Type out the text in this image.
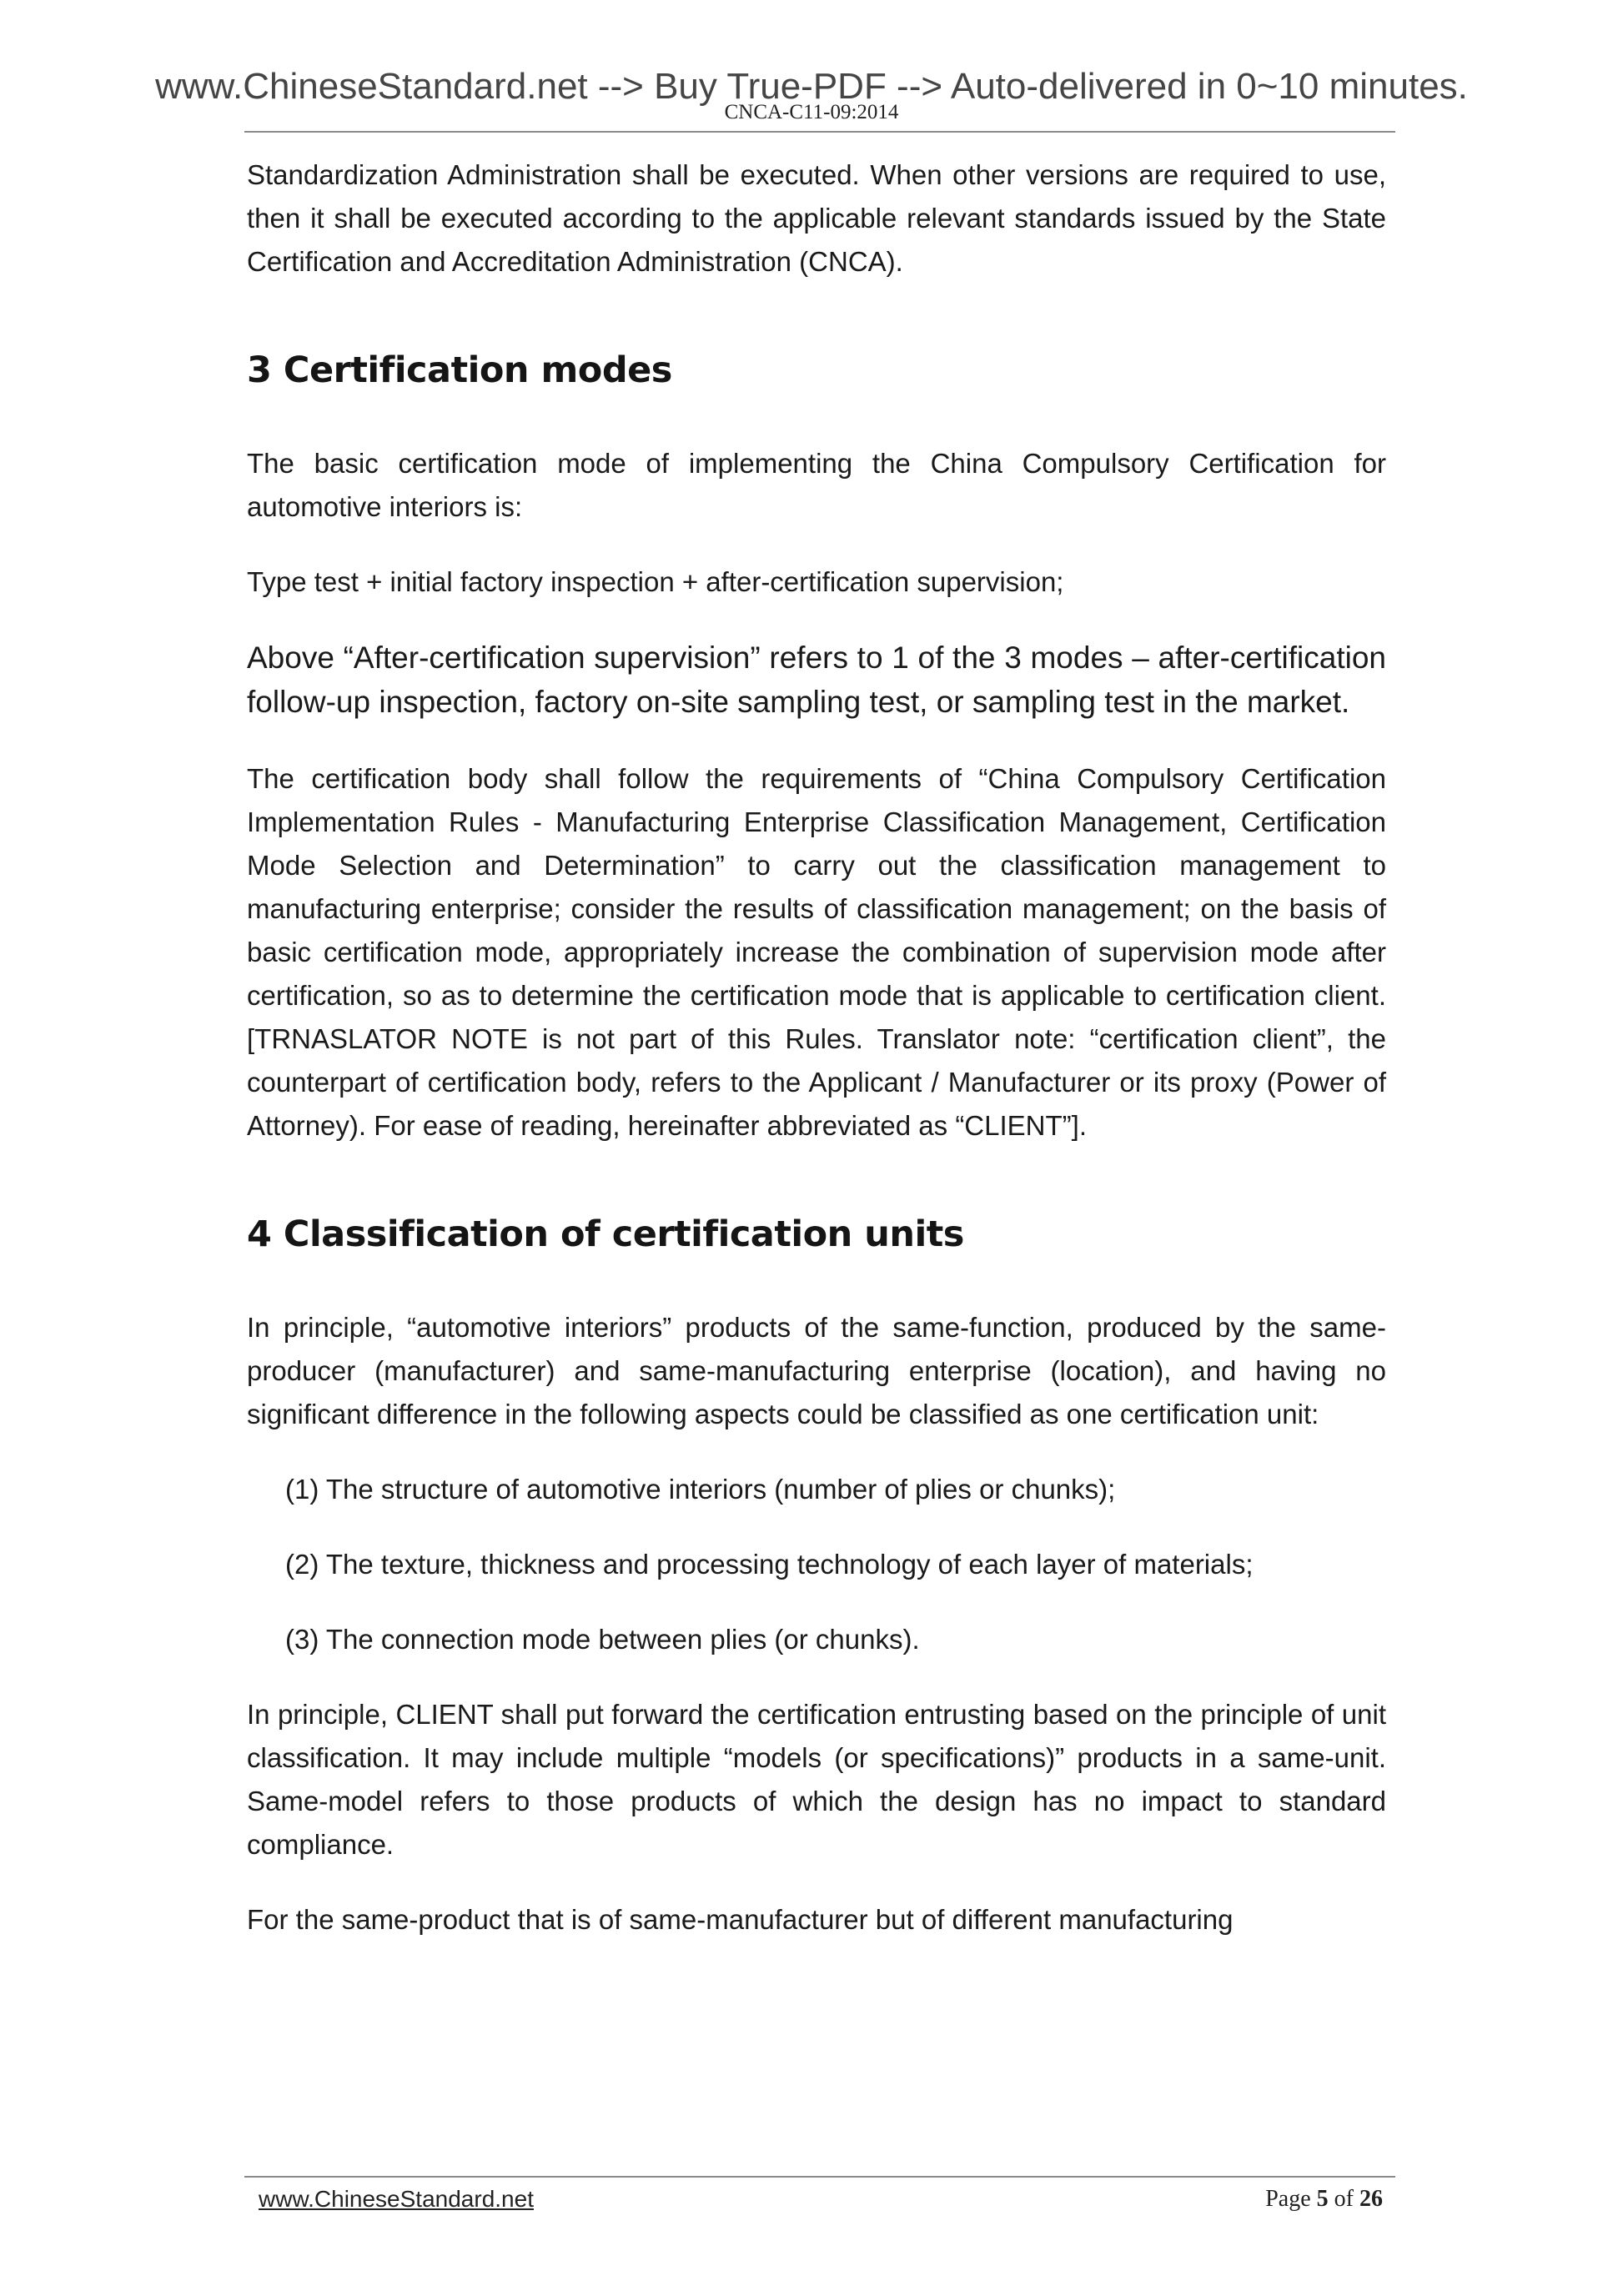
www.ChineseStandard.net --> Buy True-PDF --> Auto-delivered in 0~10 minutes.
CNCA-C11-09:2014

Standardization Administration shall be executed. When other versions are required to use, then it shall be executed according to the applicable relevant standards issued by the State Certification and Accreditation Administration (CNCA).

3 Certification modes

The basic certification mode of implementing the China Compulsory Certification for automotive interiors is:

Type test + initial factory inspection + after-certification supervision;

Above “After-certification supervision” refers to 1 of the 3 modes – after-certification follow-up inspection, factory on-site sampling test, or sampling test in the market.

The certification body shall follow the requirements of “China Compulsory Certification Implementation Rules - Manufacturing Enterprise Classification Management, Certification Mode Selection and Determination” to carry out the classification management to manufacturing enterprise; consider the results of classification management; on the basis of basic certification mode, appropriately increase the combination of supervision mode after certification, so as to determine the certification mode that is applicable to certification client.[TRNASLATOR NOTE is not part of this Rules. Translator note: “certification client”, the counterpart of certification body, refers to the Applicant / Manufacturer or its proxy (Power of Attorney). For ease of reading, hereinafter abbreviated as “CLIENT”].

4 Classification of certification units

In principle, “automotive interiors” products of the same-function, produced by the same-producer (manufacturer) and same-manufacturing enterprise (location), and having no significant difference in the following aspects could be classified as one certification unit:

(1) The structure of automotive interiors (number of plies or chunks);
(2) The texture, thickness and processing technology of each layer of materials;
(3) The connection mode between plies (or chunks).

In principle, CLIENT shall put forward the certification entrusting based on the principle of unit classification. It may include multiple “models (or specifications)” products in a same-unit. Same-model refers to those products of which the design has no impact to standard compliance.

For the same-product that is of same-manufacturer but of different manufacturing

www.ChineseStandard.net	Page 5 of 26
